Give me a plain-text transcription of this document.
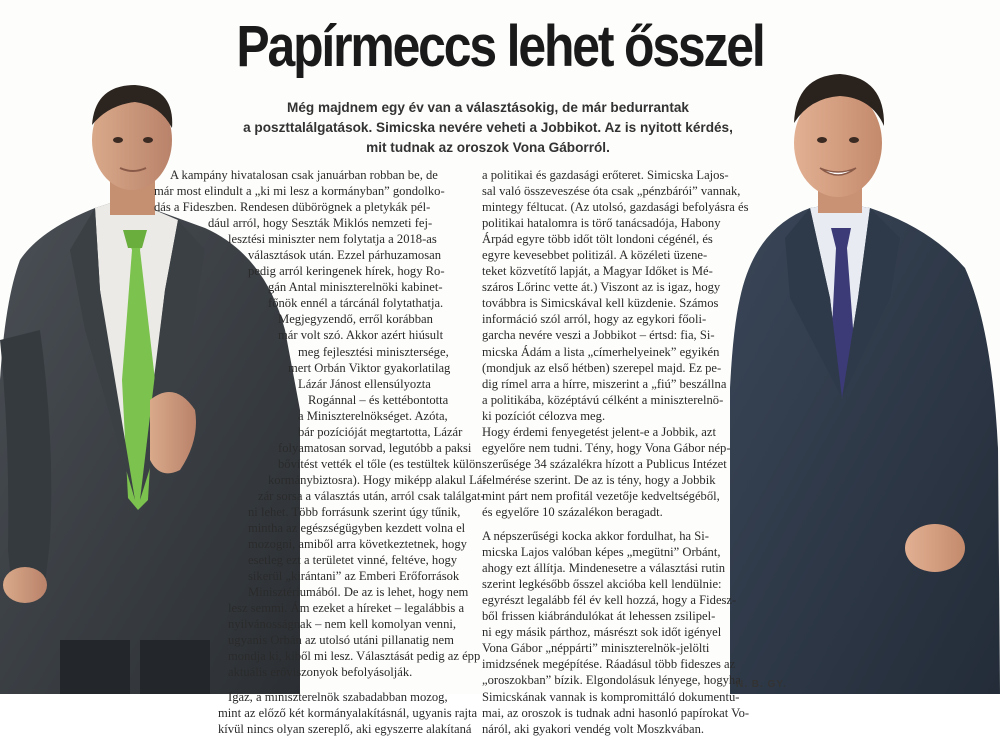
Papírmeccs lehet ősszel
Még majdnem egy év van a választásokig, de már bedurrantak
a poszttalálgatások. Simicska nevére veheti a Jobbikot. Az is nyitott kérdés,
mit tudnak az oroszok Vona Gáborról.
A kampány hivatalosan csak januárban robban be, de
már most elindult a „ki mi lesz a kormányban” gondolko-
dás a Fideszben. Rendesen dübörögnek a pletykák pél-
dául arról, hogy Seszták Miklós nemzeti fej-
lesztési miniszter nem folytatja a 2018-as
választások után. Ezzel párhuzamosan
pedig arról keringenek hírek, hogy Ro-
gán Antal miniszterelnöki kabinet-
főnök ennél a tárcánál folytathatja.
Megjegyzendő, erről korábban
már volt szó. Akkor azért hiúsult
meg fejlesztési minisztersége,
mert Orbán Viktor gyakorlatilag
Lázár Jánost ellensúlyozta
Rogánnal – és kettébontotta
a Miniszterelnökséget. Azóta,
bár pozícióját megtartotta, Lázár
folyamatosan sorvad, legutóbb a paksi
bővítést vették el tőle (es testültek külön
kormánybiztosra). Hogy miképp alakul Lá-
zár sorsa a választás után, arról csak találgat-
ni lehet. Több forrásunk szerint úgy tűnik,
mintha az egészségügyben kezdett volna el
mozogni, amiből arra következtetnek, hogy
esetleg ezt a területet vinné, feltéve, hogy
sikerül „kirántani” az Emberi Erőforrások
Minisztériumából. De az is lehet, hogy nem
lesz semmi. Ám ezeket a híreket – legalábbis a
nyilvánosságnak – nem kell komolyan venni,
ugyanis Orbán az utolsó utáni pillanatig nem
mondja ki, kiből mi lesz. Választását pedig az épp
aktuális erőviszonyok befolyásolják.
Igaz, a miniszterelnök szabadabban mozog,
mint az előző két kormányalakításnál, ugyanis rajta
kívül nincs olyan szereplő, aki egyszerre alakítaná
a politikai és gazdasági erőteret. Simicska Lajos-
sal való összeveszése óta csak „pénzbárói” vannak,
mintegy féltucat. (Az utolsó, gazdasági befolyásra és
politikai hatalomra is törő tanácsadója, Habony
Árpád egyre több időt tölt londoni cégénél, és
egyre kevesebbet politizál. A közéleti üzene-
teket közvetítő lapját, a Magyar Időket is Mé-
száros Lőrinc vette át.) Viszont az is igaz, hogy
továbbra is Simicskával kell küzdenie. Számos
információ szól arról, hogy az egykori főoli-
garcha nevére veszi a Jobbikot – értsd: fia, Si-
micska Ádám a lista „címerhelyeinek” egyikén
(mondjuk az első hétben) szerepel majd. Ez pe-
dig rímel arra a hírre, miszerint a „fiú” beszállna
a politikába, középtávú célként a miniszterelnö-
ki pozíciót célozva meg.
Hogy érdemi fenyegetést jelent-e a Jobbik, azt
egyelőre nem tudni. Tény, hogy Vona Gábor nép-
szerűsége 34 százalékra hízott a Publicus Intézet
felmérése szerint. De az is tény, hogy a Jobbik
mint párt nem profitál vezetője kedveltségéből,
és egyelőre 10 százalékon beragadt.
A népszerűségi kocka akkor fordulhat, ha Si-
micska Lajos valóban képes „megütni” Orbánt,
ahogy ezt állítja. Mindenesetre a választási rutin
szerint legkésőbb ősszel akcióba kell lendülnie:
egyrészt legalább fél év kell hozzá, hogy a Fidesz-
ből frissen kiábrándulókat át lehessen zsilipel-
ni egy másik párthoz, másrészt sok időt igényel
Vona Gábor „néppárti” miniszterelnök-jelölti
imidzsének megépítése. Ráadásul több fideszes az
„oroszokban” bízik. Elgondolásuk lényege, hogyha
Simicskának vannak is kompromittáló dokumentu-
mai, az oroszok is tudnak adni hasonló papírokat Vo-
náról, aki gyakori vendég volt Moszkvában.
N. B. GY.
